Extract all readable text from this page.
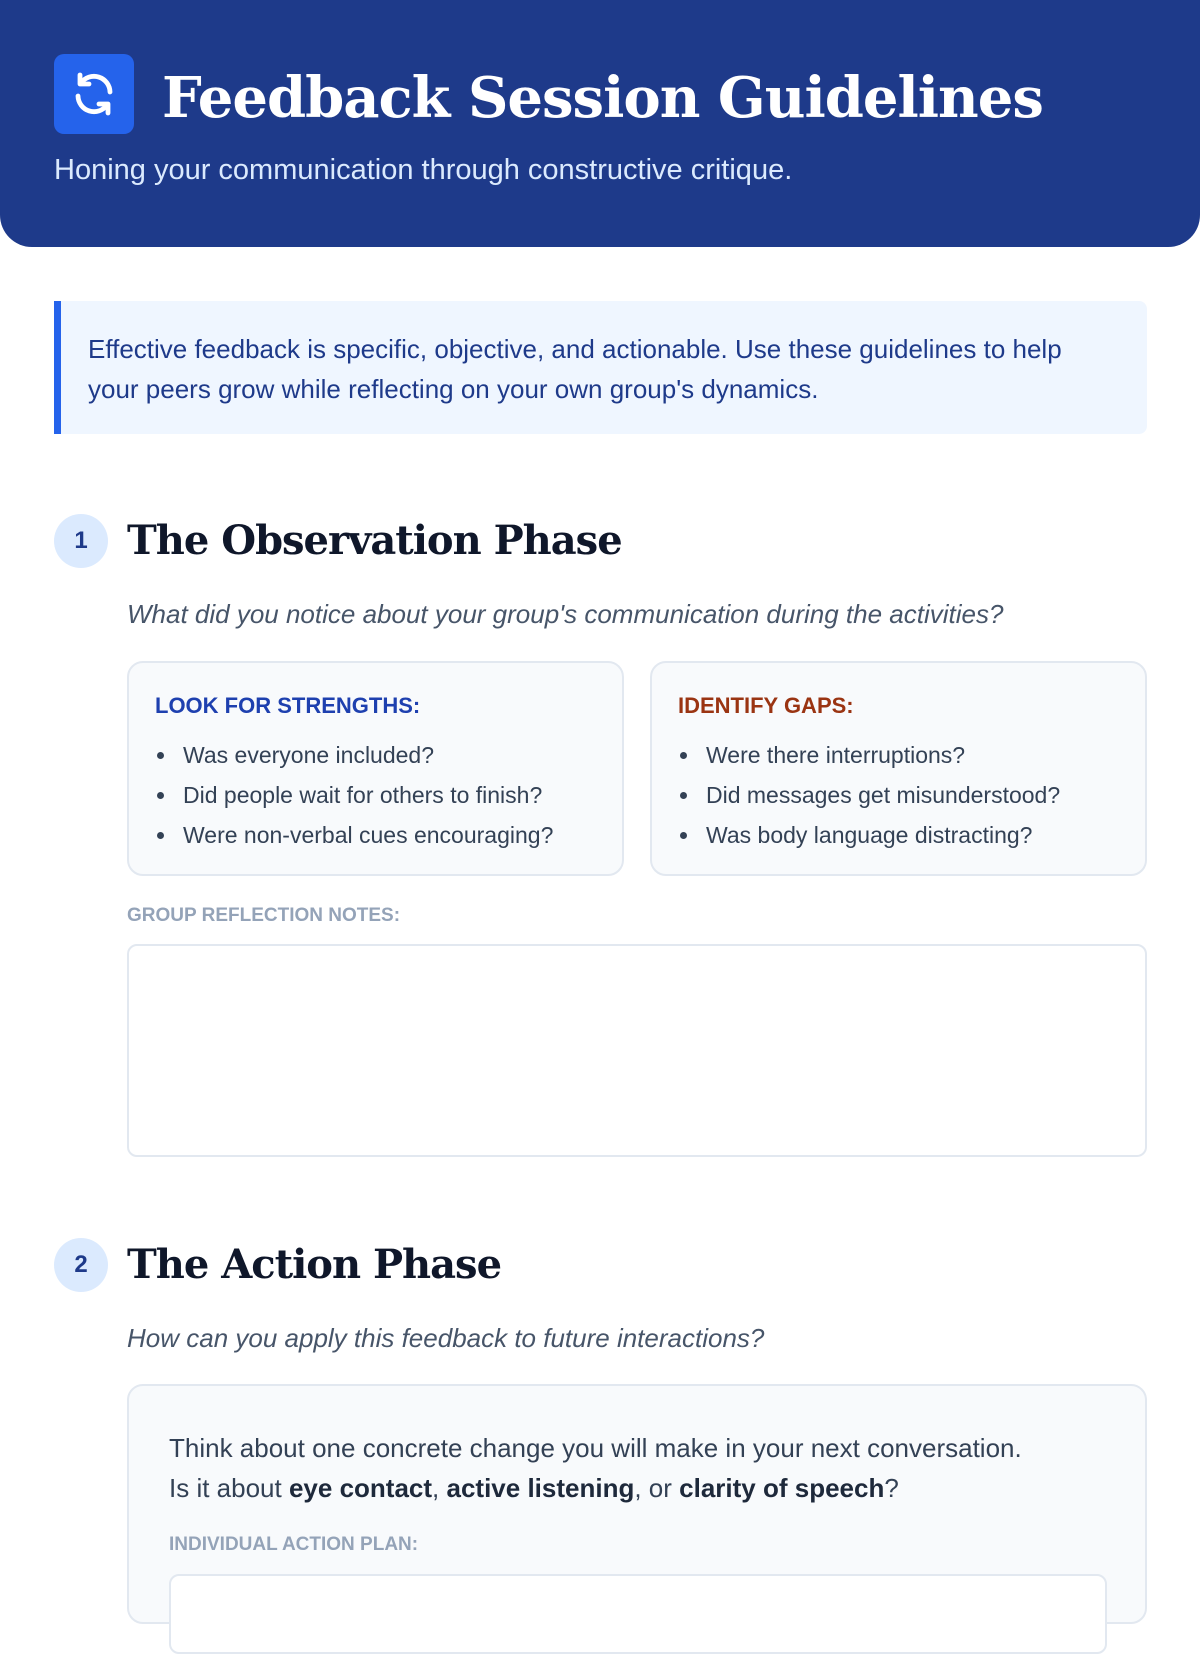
Feedback Session Guidelines
Honing your communication through constructive critique.
Effective feedback is specific, objective, and actionable. Use these guidelines to help your peers grow while reflecting on your own group's dynamics.
1 The Observation Phase
What did you notice about your group's communication during the activities?
LOOK FOR STRENGTHS:
Was everyone included?
Did people wait for others to finish?
Were non-verbal cues encouraging?
IDENTIFY GAPS:
Were there interruptions?
Did messages get misunderstood?
Was body language distracting?
GROUP REFLECTION NOTES:
2 The Action Phase
How can you apply this feedback to future interactions?
Think about one concrete change you will make in your next conversation.
Is it about eye contact, active listening, or clarity of speech?
INDIVIDUAL ACTION PLAN:
